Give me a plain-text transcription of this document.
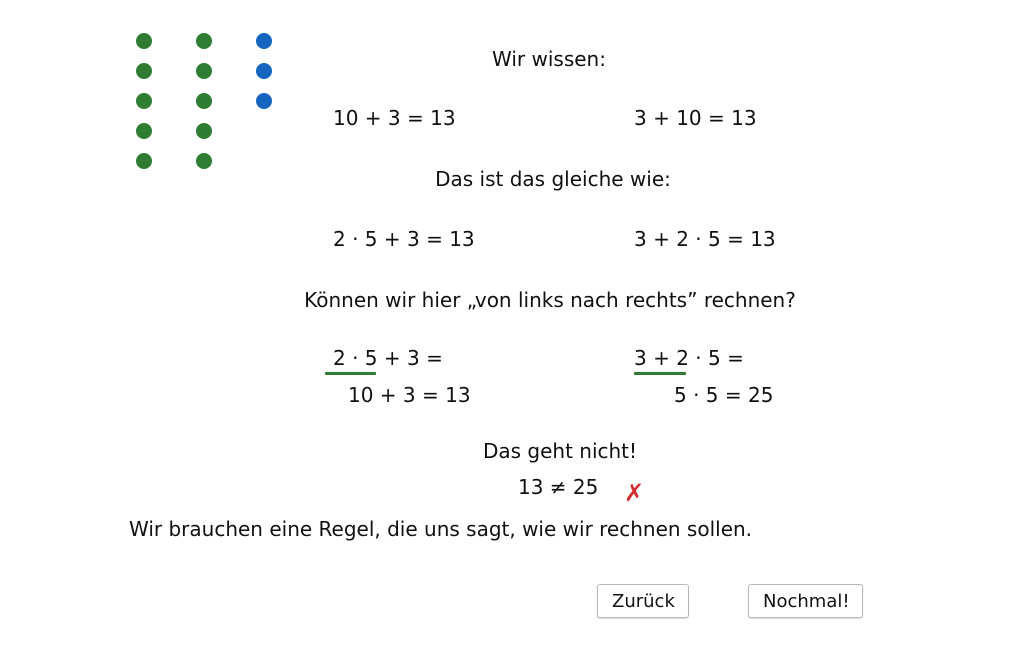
Wir wissen:
10 + 3 = 13	3 + 10 = 13
Das ist das gleiche wie:
2 · 5 + 3 = 13	3 + 2 · 5 = 13
Können wir hier „von links nach rechts” rechnen?
2 · 5 + 3 =
10 + 3 = 13
3 + 2 · 5 =
5 · 5 = 25
Das geht nicht!
13 ≠ 25 ✗
Wir brauchen eine Regel, die uns sagt, wie wir rechnen sollen.
Zurück	Nochmal!
